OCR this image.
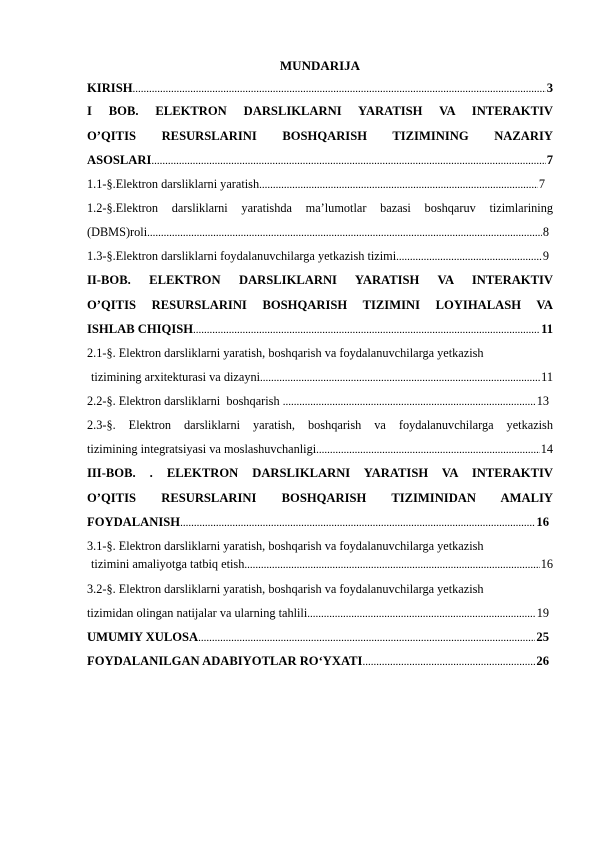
MUNDARIJA
KIRISH .....	3
I BOB. ELEKTRON DARSLIKLARNI YARATISH VA INTERAKTIV
O’QITIS RESURSLARINI BOSHQARISH TIZIMINING NAZARIY
ASOSLARI .....	7
1.1-§.Elektron darsliklarni yaratish .....	7
1.2-§.Elektron darsliklarni yaratishda ma’lumotlar bazasi boshqaruv tizimlarining
(DBMS)roli .....	8
1.3-§.Elektron darsliklarni foydalanuvchilarga yetkazish tizimi .....	9
II-BOB. ELEKTRON DARSLIKLARNI YARATISH VA INTERAKTIV
O’QITIS RESURSLARINI BOSHQARISH TIZIMINI LOYIHALASH VA
ISHLAB CHIQISH .....	11
2.1-§. Elektron darsliklarni yaratish, boshqarish va foydalanuvchilarga yetkazish
tizimining arxitekturasi va dizayni .....	11
2.2-§. Elektron darsliklarni  boshqarish .....	13
2.3-§. Elektron darsliklarni yaratish, boshqarish va foydalanuvchilarga yetkazish
tizimining integratsiyasi va moslashuvchanligi .....	14
III-BOB. . ELEKTRON DARSLIKLARNI YARATISH VA INTERAKTIV
O’QITIS RESURSLARINI BOSHQARISH TIZIMINIDAN AMALIY
FOYDALANISH .....	16
3.1-§. Elektron darsliklarni yaratish, boshqarish va foydalanuvchilarga yetkazish
tizimini amaliyotga tatbiq etish .....	16
3.2-§. Elektron darsliklarni yaratish, boshqarish va foydalanuvchilarga yetkazish
tizimidan olingan natijalar va ularning tahlili .....	19
UMUMIY XULOSA .....	25
FOYDALANILGAN ADABIYOTLAR RO‘YXATI .....	26
